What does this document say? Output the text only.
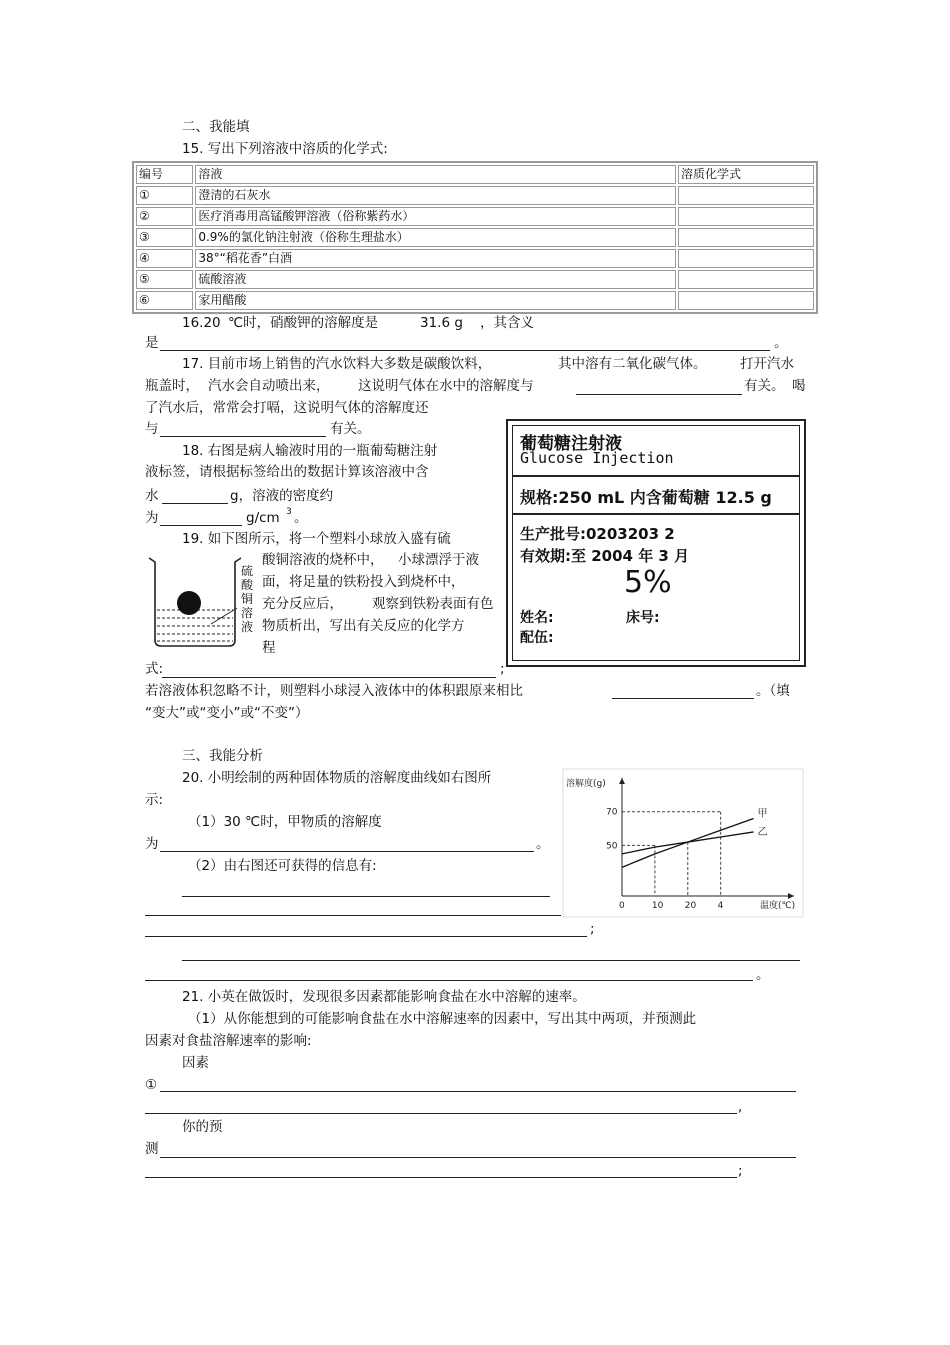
二、我能填
15. 写出下列溶液中溶质的化学式:
编号	溶液	溶质化学式
①	澄清的石灰水	
②	医疗消毒用高锰酸钾溶液（俗称紫药水）	
③	0.9%的氯化钠注射液（俗称生理盐水）	
④	38°“稻花香”白酒	
⑤	硫酸溶液	
⑥	家用醋酸	
16.20 ℃时，硝酸钾的溶解度是	31.6 g ，其含义
是	。
17. 目前市场上销售的汽水饮料大多数是碳酸饮料，	其中溶有二氧化碳气体。 打开汽水
瓶盖时， 汽水会自动喷出来， 这说明气体在水中的溶解度与	有关。 喝
了汽水后，常常会打嗝，这说明气体的溶解度还
与	有关。
18. 右图是病人输液时用的一瓶葡萄糖注射
液标签，请根据标签给出的数据计算该溶液中含
水	g，溶液的密度约
为	g/cm 3 。
葡萄糖注射液
Glucose Injection
规格:250 mL 内含葡萄糖 12.5 g
生产批号:0203203 2
有效期:至 2004 年 3 月
5%
姓名:	床号:
配伍:
19. 如下图所示，将一个塑料小球放入盛有硫
酸铜溶液的烧杯中， 小球漂浮于液
面，将足量的铁粉投入到烧杯中，
充分反应后， 观察到铁粉表面有色
物质析出，写出有关反应的化学方
程
式:	;
若溶液体积忽略不计，则塑料小球浸入液体中的体积跟原来相比	。（填
“变大”或“变小”或“不变”）
硫
酸
铜
溶
液
三、我能分析
20. 小明绘制的两种固体物质的溶解度曲线如右图所
示:
（1）30 ℃时，甲物质的溶解度
为	。
（2）由右图还可获得的信息有:
;
。
溶解度(g)
温度(℃)
0	10 20 4
50
70	甲
乙
21. 小英在做饭时，发现很多因素都能影响食盐在水中溶解的速率。
（1）从你能想到的可能影响食盐在水中溶解速率的因素中，写出其中两项，并预测此
因素对食盐溶解速率的影响:
因素
①
,
你的预
测
;
